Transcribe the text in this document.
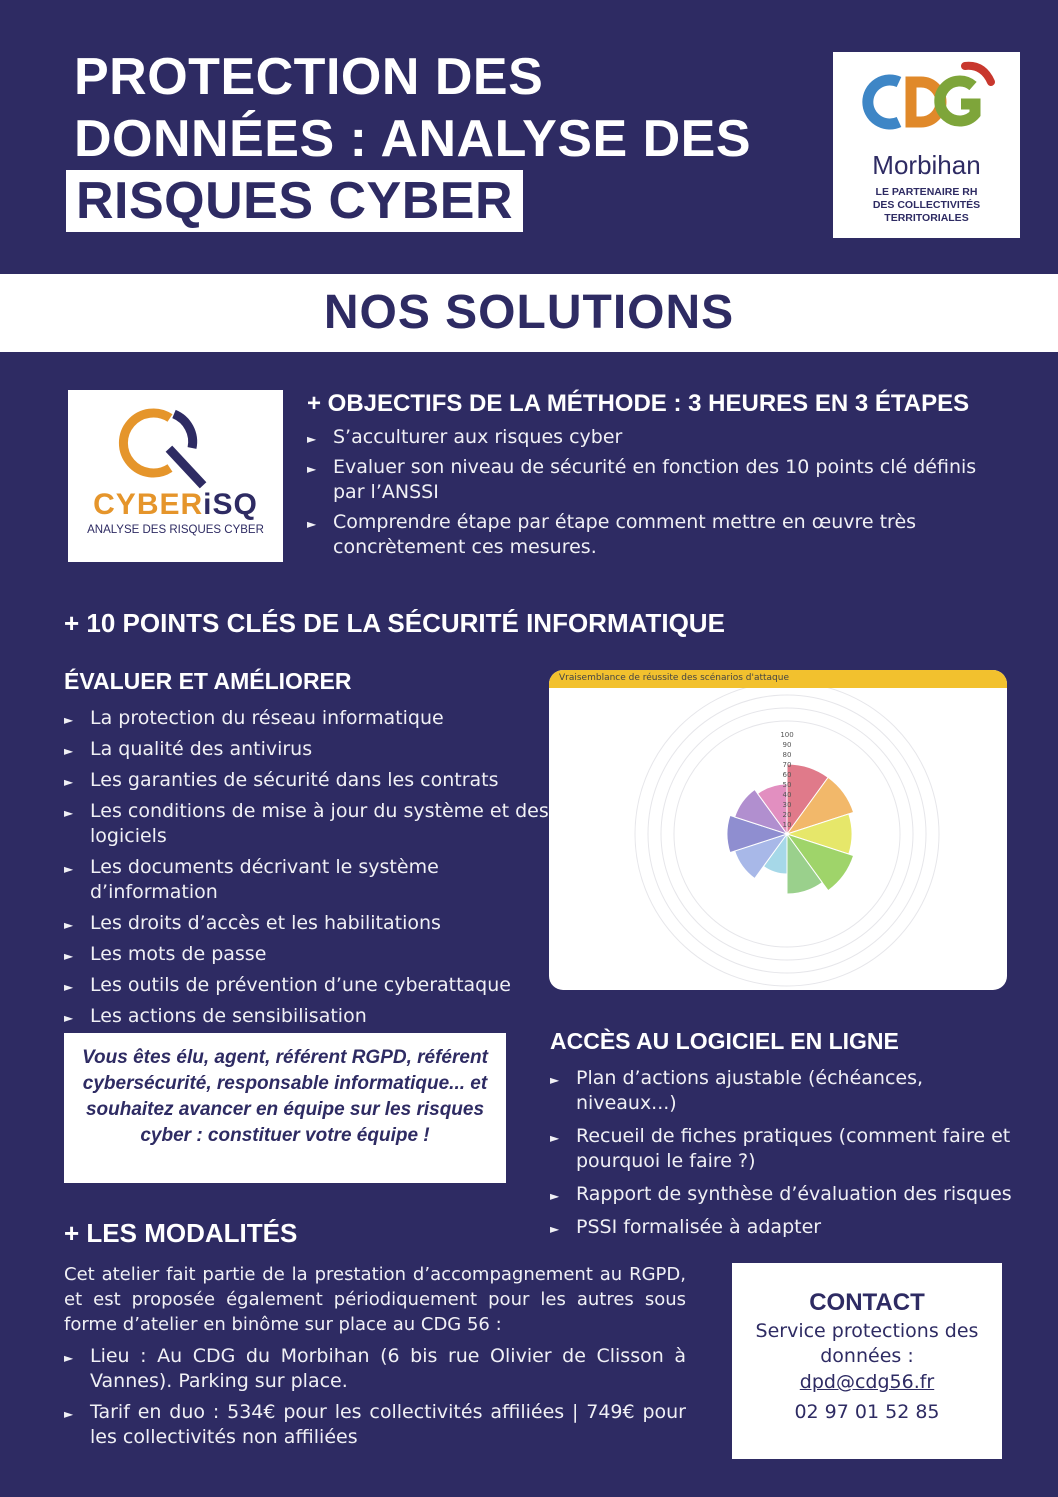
PROTECTION DES
DONNÉES : ANALYSE DES
RISQUES CYBER
Morbihan
LE PARTENAIRE RH
DES COLLECTIVITÉS
TERRITORIALES
NOS SOLUTIONS
CYBERiSQ
ANALYSE DES RISQUES CYBER
+ OBJECTIFS DE LA MÉTHODE : 3 HEURES EN 3 ÉTAPES
► S’acculturer aux risques cyber
► Evaluer son niveau de sécurité en fonction des 10 points clé définis par l’ANSSI
► Comprendre étape par étape comment mettre en œuvre très concrètement ces mesures.
+ 10 POINTS CLÉS DE LA SÉCURITÉ INFORMATIQUE
ÉVALUER ET AMÉLIORER
► La protection du réseau informatique
► La qualité des antivirus
► Les garanties de sécurité dans les contrats
► Les conditions de mise à jour du système et des logiciels
► Les documents décrivant le système d’information
► Les droits d’accès et les habilitations
► Les mots de passe
► Les outils de prévention d’une cyberattaque
► Les actions de sensibilisation
Vraisemblance de réussite des scénarios d'attaque
10
20
30
40
50
60
70
80
90
100

Vous êtes élu, agent, référent RGPD, référent cybersécurité, responsable informatique... et souhaitez avancer en équipe sur les risques cyber : constituer votre équipe !

ACCÈS AU LOGICIEL EN LIGNE
► Plan d’actions ajustable (échéances, niveaux...)
► Recueil de fiches pratiques (comment faire et pourquoi le faire ?)
► Rapport de synthèse d’évaluation des risques
► PSSI formalisée à adapter
+ LES MODALITÉS
Cet atelier fait partie de la prestation d’accompagnement au RGPD, et est proposée également périodiquement pour les autres sous forme d’atelier en binôme sur place au CDG 56 :
► Lieu : Au CDG du Morbihan (6 bis rue Olivier de Clisson à Vannes). Parking sur place.
► Tarif en duo : 534€ pour les collectivités affiliées | 749€ pour les collectivités non affiliées
CONTACT
Service protections des données :
dpd@cdg56.fr
02 97 01 52 85
